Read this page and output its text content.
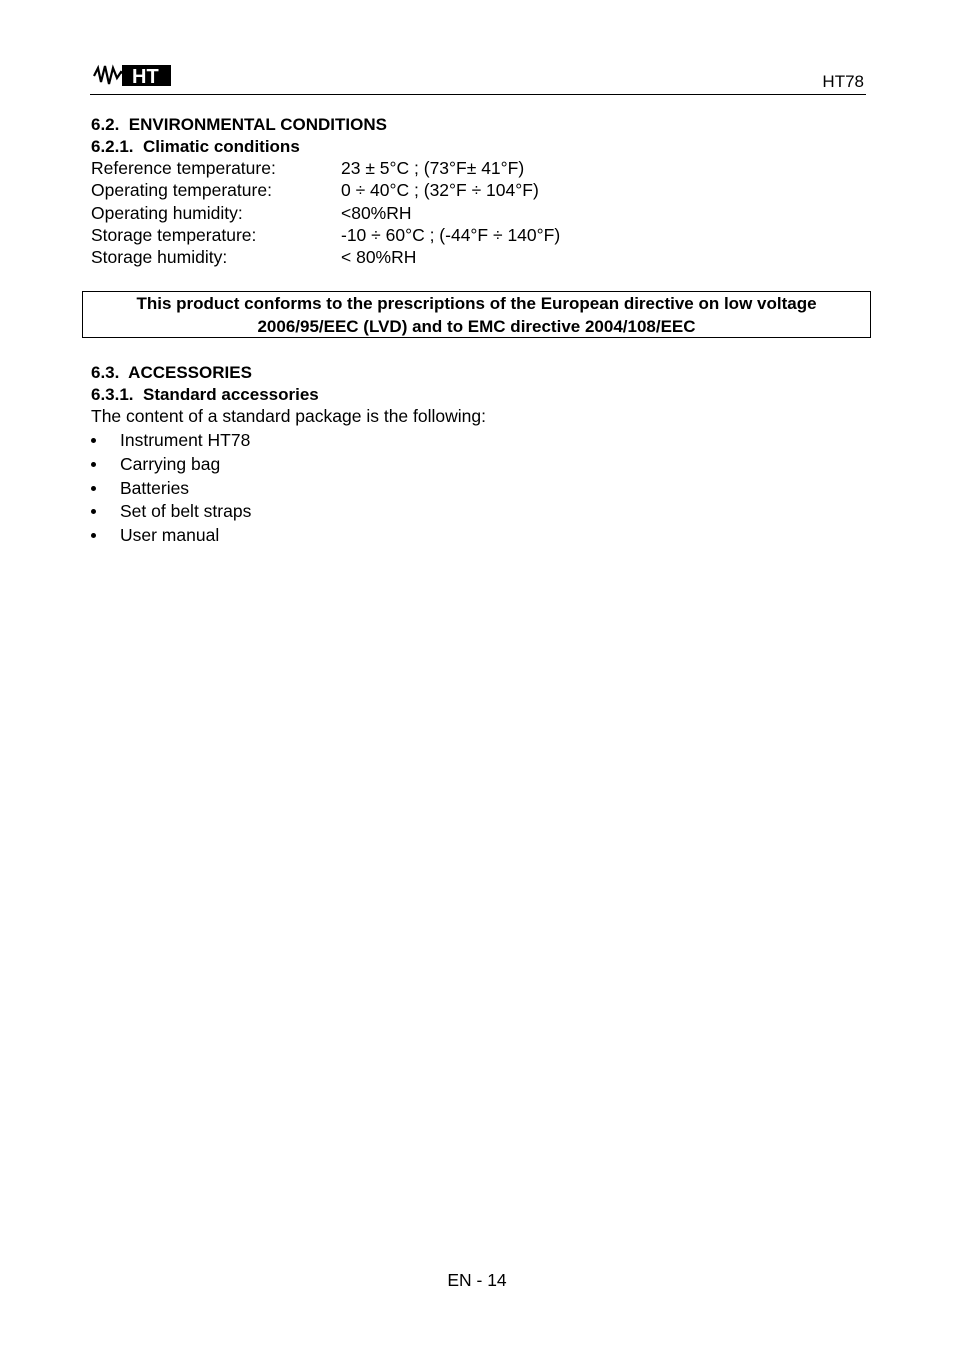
HT	HT78
6.2.  ENVIRONMENTAL CONDITIONS
6.2.1.  Climatic conditions
Reference temperature:	23 ± 5°C ; (73°F± 41°F)
Operating temperature:	0 ÷ 40°C ; (32°F ÷ 104°F)
Operating humidity:	<80%RH
Storage temperature:	-10 ÷ 60°C ; (-44°F ÷ 140°F)
Storage humidity:	< 80%RH
This product conforms to the prescriptions of the European directive on low voltage
2006/95/EEC (LVD) and to EMC directive 2004/108/EEC
6.3.  ACCESSORIES
6.3.1.  Standard accessories
The content of a standard package is the following:
Instrument HT78
Carrying bag
Batteries
Set of belt straps
User manual
EN - 14
